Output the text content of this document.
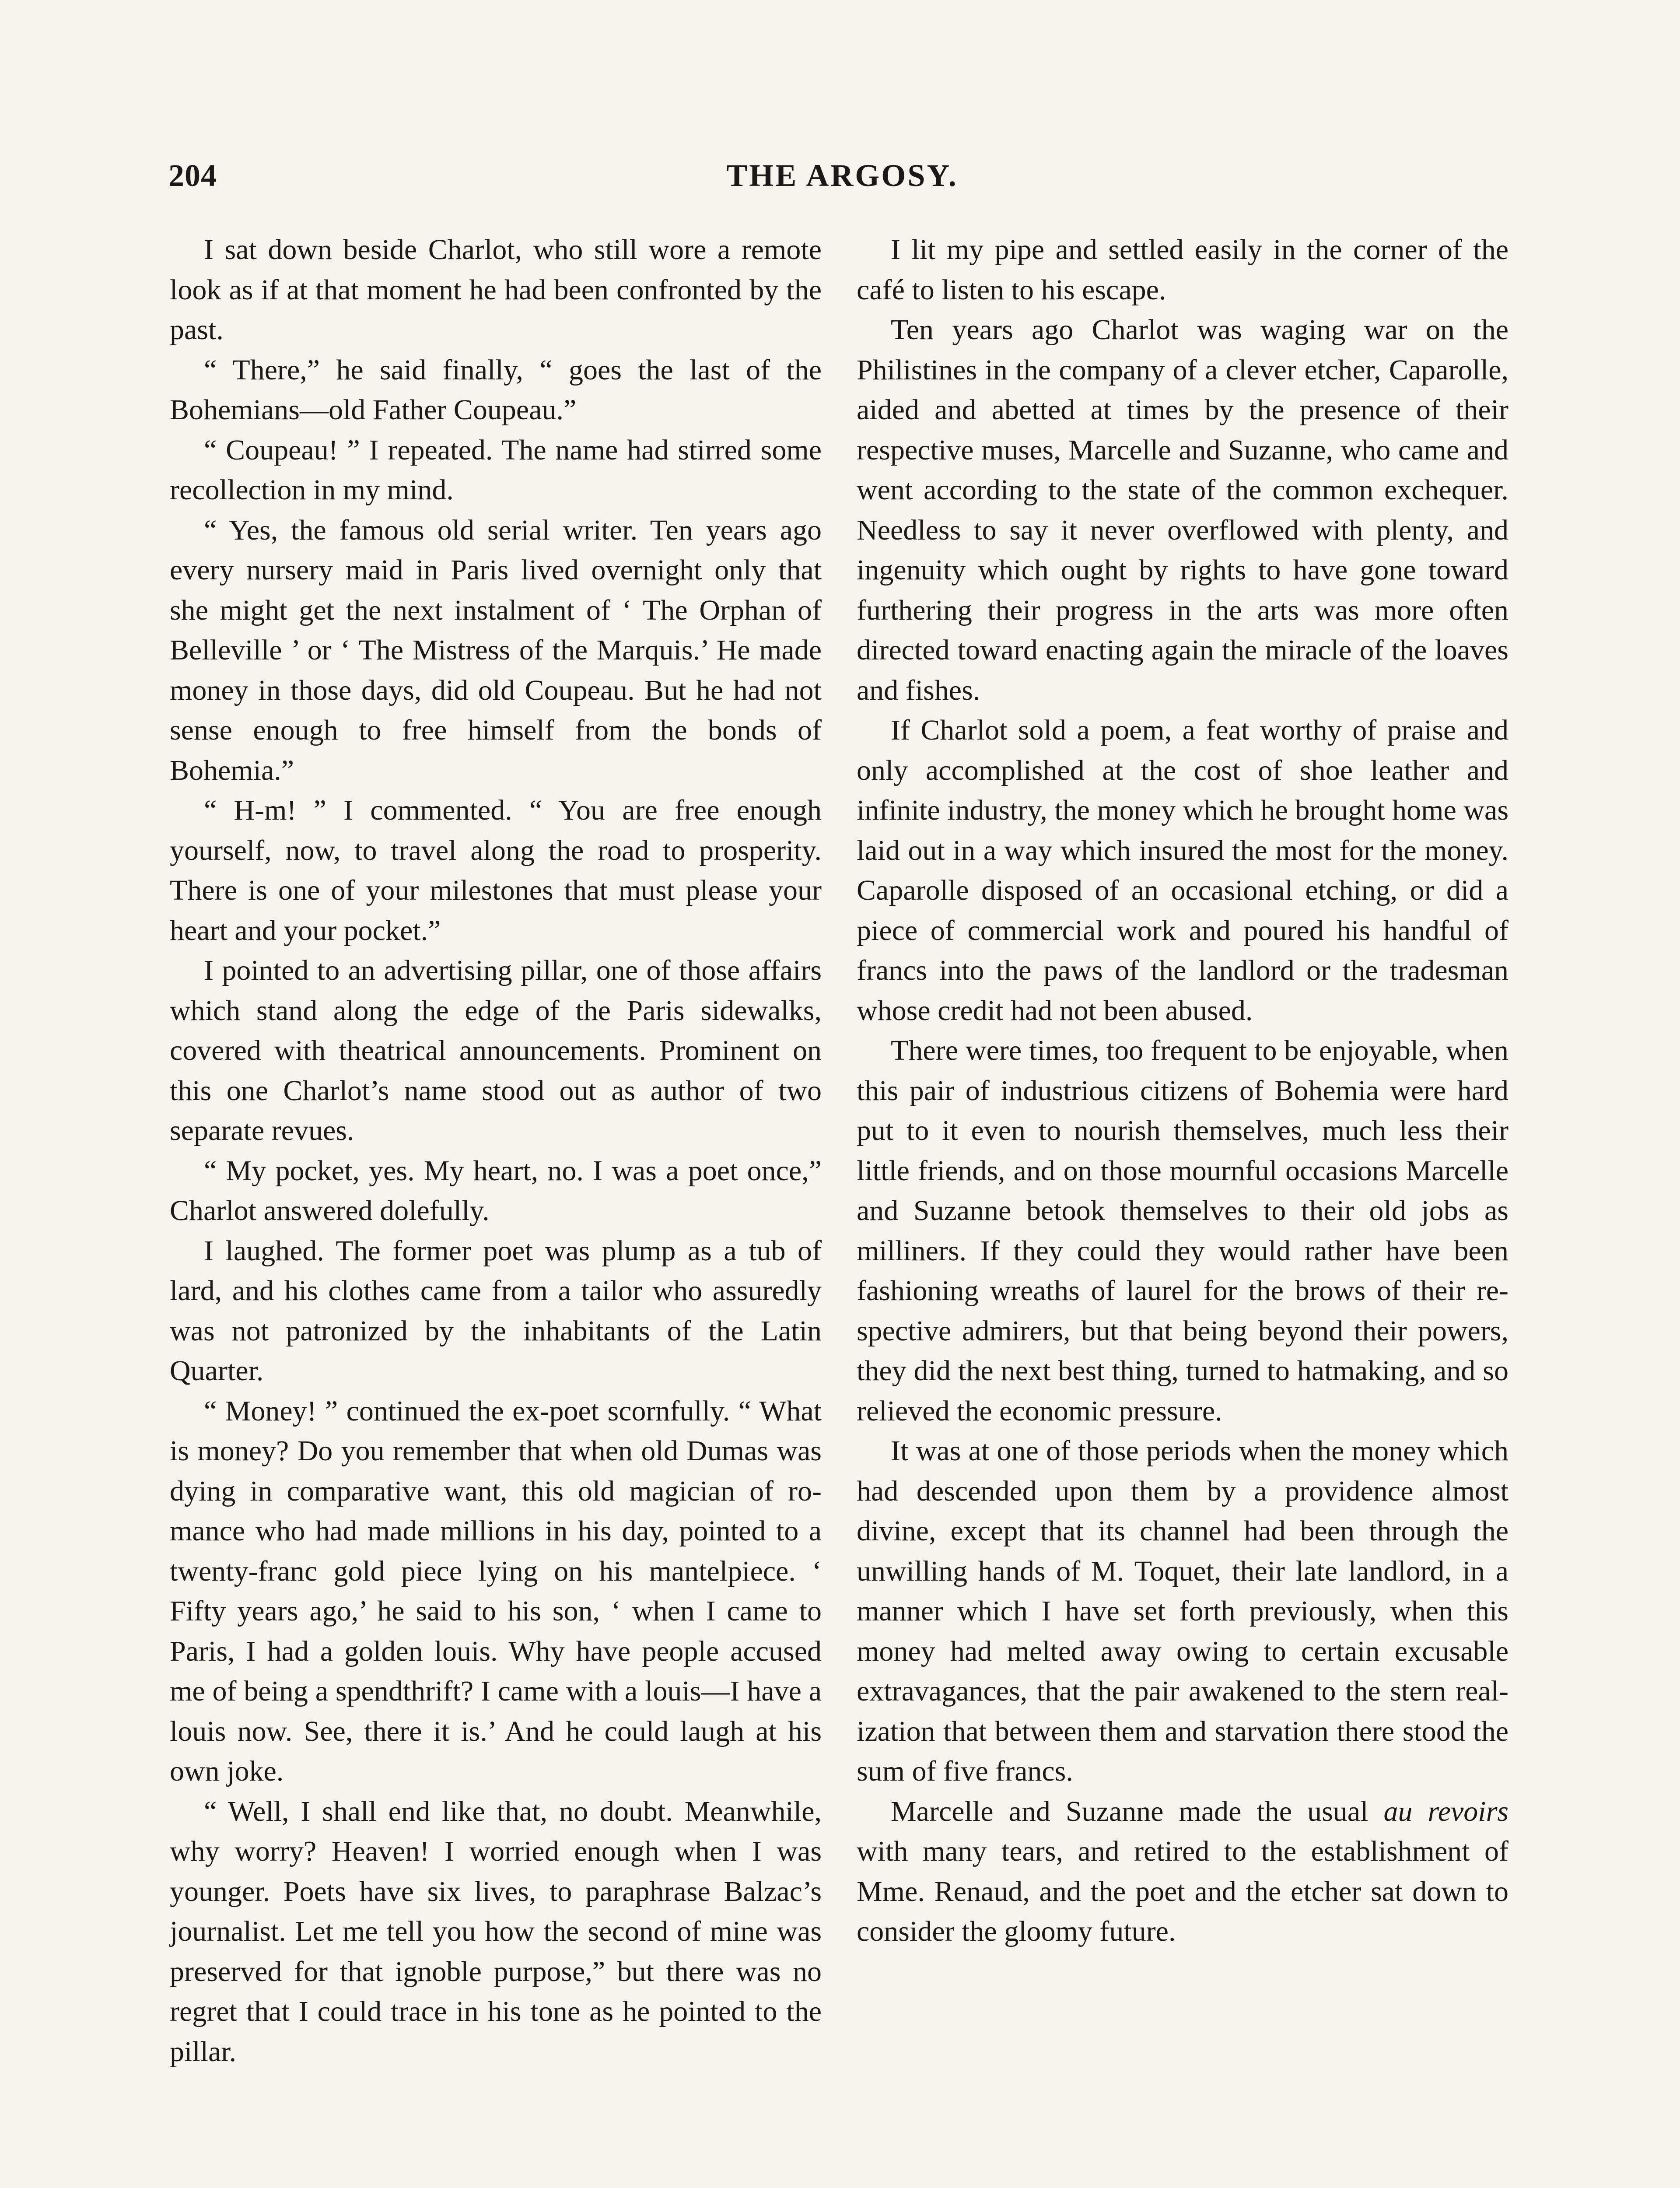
204	THE ARGOSY.

I sat down beside Charlot, who still wore a remote look as if at that moment he had been confronted by the past.

“ There,” he said finally, “ goes the last of the Bohemians—old Father Coupeau.”

“ Coupeau! ” I repeated. The name had stirred some recollection in my mind.

“ Yes, the famous old serial writer. Ten years ago every nursery maid in Paris lived overnight only that she might get the next instalment of ‘ The Orphan of Belleville ’ or ‘ The Mistress of the Marquis.’ He made money in those days, did old Coupeau. But he had not sense enough to free himself from the bonds of Bohemia.”

“ H-m! ” I commented. “ You are free enough yourself, now, to travel along the road to prosperity. There is one of your milestones that must please your heart and your pocket.”

I pointed to an advertising pillar, one of those affairs which stand along the edge of the Paris sidewalks, covered with theatrical announcements. Prominent on this one Charlot’s name stood out as author of two separate revues.

“ My pocket, yes. My heart, no. I was a poet once,” Charlot answered dolefully.

I laughed. The former poet was plump as a tub of lard, and his clothes came from a tailor who assuredly was not patronized by the inhabitants of the Latin Quarter.

“ Money! ” continued the ex-poet scornfully. “ What is money? Do you remember that when old Dumas was dying in comparative want, this old magician of romance who had made millions in his day, pointed to a twenty-franc gold piece lying on his mantelpiece. ‘ Fifty years ago,’ he said to his son, ‘ when I came to Paris, I had a golden louis. Why have people accused me of being a spendthrift? I came with a louis—I have a louis now. See, there it is.’ And he could laugh at his own joke.

“ Well, I shall end like that, no doubt. Meanwhile, why worry? Heaven! I worried enough when I was younger. Poets have six lives, to paraphrase Balzac’s journalist. Let me tell you how the second of mine was preserved for that ignoble purpose,” but there was no regret that I could trace in his tone as he pointed to the pillar.

I lit my pipe and settled easily in the corner of the café to listen to his escape.

Ten years ago Charlot was waging war on the Philistines in the company of a clever etcher, Caparolle, aided and abetted at times by the presence of their respective muses, Marcelle and Suzanne, who came and went according to the state of the common exchequer. Needless to say it never overflowed with plenty, and ingenuity which ought by rights to have gone toward furthering their progress in the arts was more often directed toward enacting again the miracle of the loaves and fishes.

If Charlot sold a poem, a feat worthy of praise and only accomplished at the cost of shoe leather and infinite industry, the money which he brought home was laid out in a way which insured the most for the money. Caparolle disposed of an occasional etching, or did a piece of commercial work and poured his handful of francs into the paws of the landlord or the tradesman whose credit had not been abused.

There were times, too frequent to be enjoyable, when this pair of industrious citizens of Bohemia were hard put to it even to nourish themselves, much less their little friends, and on those mournful occasions Marcelle and Suzanne betook themselves to their old jobs as milliners. If they could they would rather have been fashioning wreaths of laurel for the brows of their respective admirers, but that being beyond their powers, they did the next best thing, turned to hatmaking, and so relieved the economic pressure.

It was at one of those periods when the money which had descended upon them by a providence almost divine, except that its channel had been through the unwilling hands of M. Toquet, their late landlord, in a manner which I have set forth previously, when this money had melted away owing to certain excusable extravagances, that the pair awakened to the stern realization that between them and starvation there stood the sum of five francs.

Marcelle and Suzanne made the usual au revoirs with many tears, and retired to the establishment of Mme. Renaud, and the poet and the etcher sat down to consider the gloomy future.
